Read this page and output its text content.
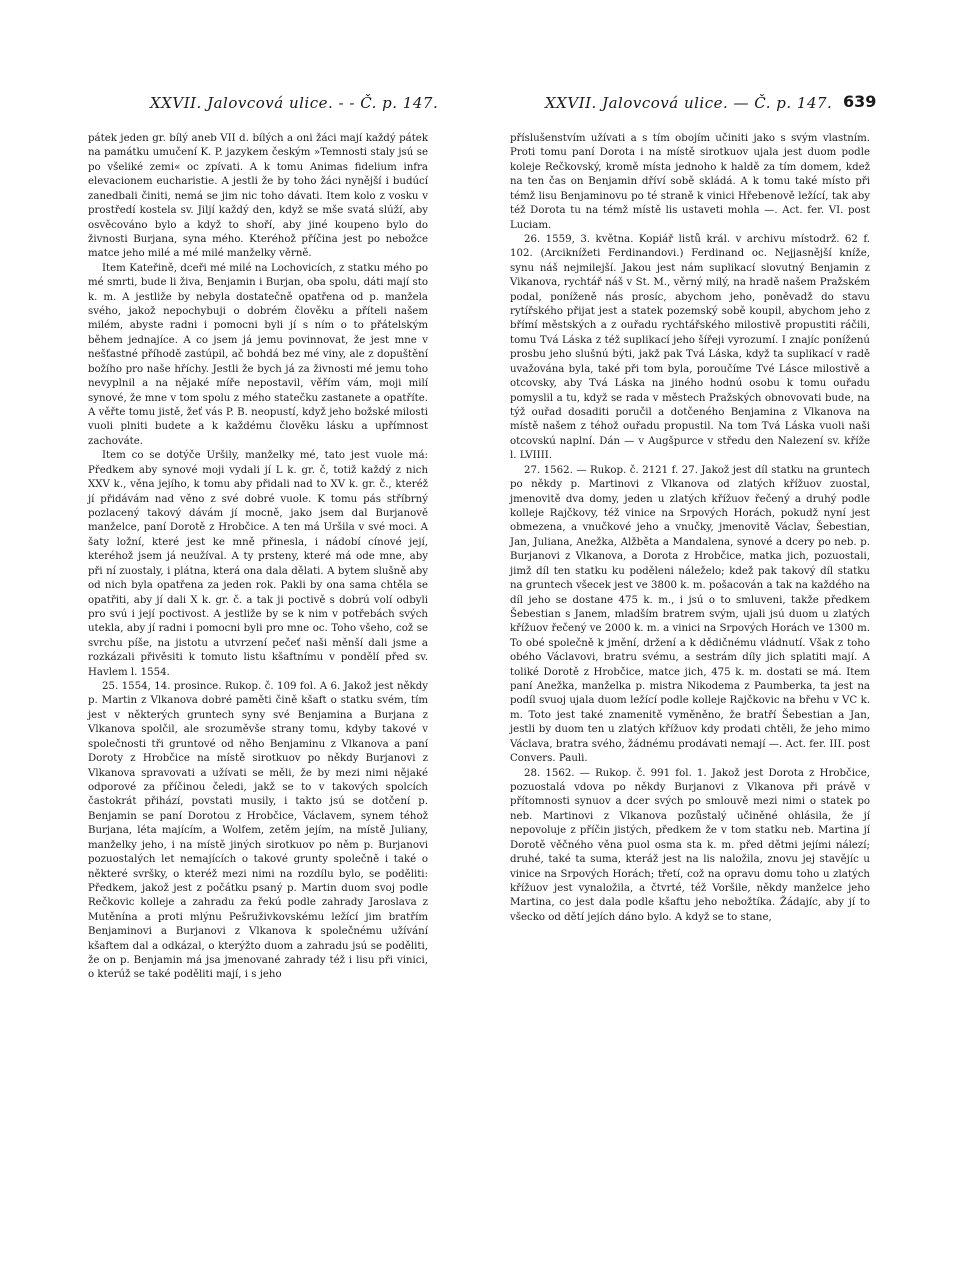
XXVII. Jalovcová ulice. - - Č. p. 147.	XXVII. Jalovcová ulice. — Č. p. 147. 639

pátek jeden gr. bílý aneb VII d. bílých a oni žáci mají každý pátek na památku umučení K. P. jazykem českým »Temnosti staly jsú se po všeliké zemi« oc zpívati. A k tomu Animas fidelium infra elevacionem eucharistie. A jestli že by toho žáci nynější i budúcí zanedbali činiti, nemá se jim nic toho dávati. Item kolo z vosku v prostředí kostela sv. Jiljí každý den, když se mše svatá slúží, aby osvěcováno bylo a když to shoří, aby jiné koupeno bylo do živnosti Burjana, syna mého. Kteréhož příčina jest po nebožce matce jeho milé a mé milé manželky věrně.

Item Kateřině, dceři mé milé na Lochovicích, z statku mého po mé smrti, bude li živa, Benjamin i Burjan, oba spolu, dáti mají sto k. m. A jestliže by nebyla dostatečně opatřena od p. manžela svého, jakož nepochybuji o dobrém člověku a příteli našem milém, abyste radni i pomocni byli jí s ním o to přátelským během jednajíce. A co jsem já jemu povinnovat, že jest mne v nešťastné příhodě zastúpil, ač bohdá bez mé viny, ale z dopuštění božího pro naše hříchy. Jestli že bych já za živnosti mé jemu toho nevyplnil a na nějaké míře nepostavil, věřím vám, moji milí synové, že mne v tom spolu z mého statečku zastanete a opatříte. A věřte tomu jistě, žeť vás P. B. neopustí, když jeho božské milosti vuoli plniti budete a k každému člověku lásku a upřímnost zachováte.

Item co se dotýče Uršily, manželky mé, tato jest vuole má: Předkem aby synové moji vydali jí L k. gr. č, totiž každý z nich XXV k., věna jejího, k tomu aby přidali nad to XV k. gr. č., kteréž jí přidávám nad věno z své dobré vuole. K tomu pás stříbrný pozlacený takový dávám jí mocně, jako jsem dal Burjanově manželce, paní Dorotě z Hrobčice. A ten má Uršila v své moci. A šaty ložní, které jest ke mně přinesla, i nádobí cínové její, kteréhož jsem já neužíval. A ty prsteny, které má ode mne, aby při ní zuostaly, i plátna, která ona dala dělati. A bytem slušně aby od nich byla opatřena za jeden rok. Pakli by ona sama chtěla se opatřiti, aby jí dali X k. gr. č. a tak ji poctivě s dobrú volí odbyli pro svú i její poctivost. A jestliže by se k nim v potřebách svých utekla, aby jí radni i pomocni byli pro mne oc. Toho všeho, což se svrchu píše, na jistotu a utvrzení pečeť naši měnší dali jsme a rozkázali přivěsiti k tomuto listu kšaftnímu v pondělí před sv. Havlem l. 1554.

25. 1554, 14. prosince. Rukop. č. 109 fol. A 6. Jakož jest někdy p. Martin z Vlkanova dobré paměti čině kšaft o statku svém, tím jest v některých gruntech syny své Benjamina a Burjana z Vlkanova spolčil, ale srozuměvše strany tomu, kdyby takové v společnosti tři gruntové od něho Benjaminu z Vlkanova a paní Doroty z Hrobčice na místě sirotkuov po někdy Burjanovi z Vlkanova spravovati a užívati se měli, že by mezi nimi nějaké odporové za příčinou čeledi, jakž se to v takových spolcích častokrát přihází, povstati musily, i takto jsú se dotčení p. Benjamin se paní Dorotou z Hrobčice, Václavem, synem téhož Burjana, léta majícím, a Wolfem, zetěm jejím, na místě Juliany, manželky jeho, i na místě jiných sirotkuov po něm p. Burjanovi pozuostalých let nemajících o takové grunty společně i také o některé svršky, o kteréž mezi nimi na rozdílu bylo, se poděliti: Předkem, jakož jest z počátku psaný p. Martin duom svoj podle Rečkovic kolleje a zahradu za řekú podle zahrady Jaroslava z Mutěnína a proti mlýnu Pešruživkovskému ležící jim bratřím Benjaminovi a Burjanovi z Vlkanova k společnému užívání kšaftem dal a odkázal, o kterýžto duom a zahradu jsú se poděliti, že on p. Benjamin má jsa jmenované zahrady též i lisu při vinici, o kterúž se také poděliti mají, i s jeho

příslušenstvím užívati a s tím obojím učiniti jako s svým vlastním. Proti tomu paní Dorota i na místě sirotkuov ujala jest duom podle koleje Rečkovský, kromě místa jednoho k haldě za tím domem, kdež na ten čas on Benjamin dříví sobě skládá. A k tomu také místo při témž lisu Benjaminovu po té straně k vinici Hřebenově ležící, tak aby též Dorota tu na témž místě lis ustaveti mohla —. Act. fer. VI. post Luciam.

26. 1559, 3. května. Kopiář listů král. v archivu místodrž. 62 f. 102. (Arciknížeti Ferdinandovi.) Ferdinand oc. Nejjasnější kníže, synu náš nejmilejší. Jakou jest nám suplikací slovutný Benjamin z Vikanova, rychtář náš v St. M., věrný milý, na hradě našem Pražském podal, poníženě nás prosíc, abychom jeho, poněvadž do stavu rytířského přijat jest a statek pozemský sobě koupil, abychom jeho z břímí městských a z ouřadu rychtářského milostivě propustiti ráčili, tomu Tvá Láska z též suplikací jeho šířeji vyrozumí. I znajíc poníženú prosbu jeho slušnú býti, jakž pak Tvá Láska, když ta suplikací v radě uvažována byla, také při tom byla, poroučíme Tvé Lásce milostivě a otcovsky, aby Tvá Láska na jiného hodnú osobu k tomu ouřadu pomyslil a tu, když se rada v městech Pražských obnovovati bude, na týž ouřad dosaditi poručil a dotčeného Benjamina z Vlkanova na místě našem z téhož ouřadu propustil. Na tom Tvá Láska vuoli naši otcovskú naplní. Dán — v Augšpurce v středu den Nalezení sv. kříže l. LVIIII.

27. 1562. — Rukop. č. 2121 f. 27. Jakož jest díl statku na gruntech po někdy p. Martinovi z Vlkanova od zlatých křížuov zuostal, jmenovitě dva domy, jeden u zlatých křížuov řečený a druhý podle kolleje Rajčkovy, též vinice na Srpových Horách, pokudž nyní jest obmezena, a vnučkové jeho a vnučky, jmenovitě Václav, Šebestian, Jan, Juliana, Anežka, Alžběta a Mandalena, synové a dcery po neb. p. Burjanovi z Vlkanova, a Dorota z Hrobčice, matka jich, pozuostali, jimž díl ten statku ku poděleni náleželo; kdež pak takový díl statku na gruntech všecek jest ve 3800 k. m. pošacován a tak na každého na díl jeho se dostane 475 k. m., i jsú o to smluveni, takže předkem Šebestian s Janem, mladším bratrem svým, ujali jsú duom u zlatých křížuov řečený ve 2000 k. m. a vinici na Srpových Horách ve 1300 m. To obé společně k jmění, držení a k dědičnému vládnutí. Však z toho obého Václavovi, bratru svému, a sestrám díly jich splatiti mají. A toliké Dorotě z Hrobčice, matce jich, 475 k. m. dostati se má. Item paní Anežka, manželka p. mistra Nikodema z Paumberka, ta jest na podíl svuoj ujala duom ležící podle kolleje Rajčkovic na břehu v VC k. m. Toto jest také znamenitě vyměněno, že bratří Šebestian a Jan, jestli by duom ten u zlatých křížuov kdy prodati chtěli, že jeho mimo Václava, bratra svého, žádnému prodávati nemají —. Act. fer. III. post Convers. Pauli.

28. 1562. — Rukop. č. 991 fol. 1. Jakož jest Dorota z Hrobčice, pozuostalá vdova po někdy Burjanovi z Vlkanova při právě v přítomnosti synuov a dcer svých po smlouvě mezi nimi o statek po neb. Martinovi z Vlkanova pozůstalý učiněné ohlásila, že jí nepovoluje z příčin jistých, předkem že v tom statku neb. Martina jí Dorotě věčného věna puol osma sta k. m. před dětmi jejími nálezí; druhé, také ta suma, kteráž jest na lis naložila, znovu jej stavějíc u vinice na Srpových Horách; třetí, což na opravu domu toho u zlatých křížuov jest vynaložila, a čtvrté, též Voršile, někdy manželce jeho Martina, co jest dala podle kšaftu jeho nebožtíka. Žádajíc, aby jí to všecko od dětí jejích dáno bylo. A když se to stane,
